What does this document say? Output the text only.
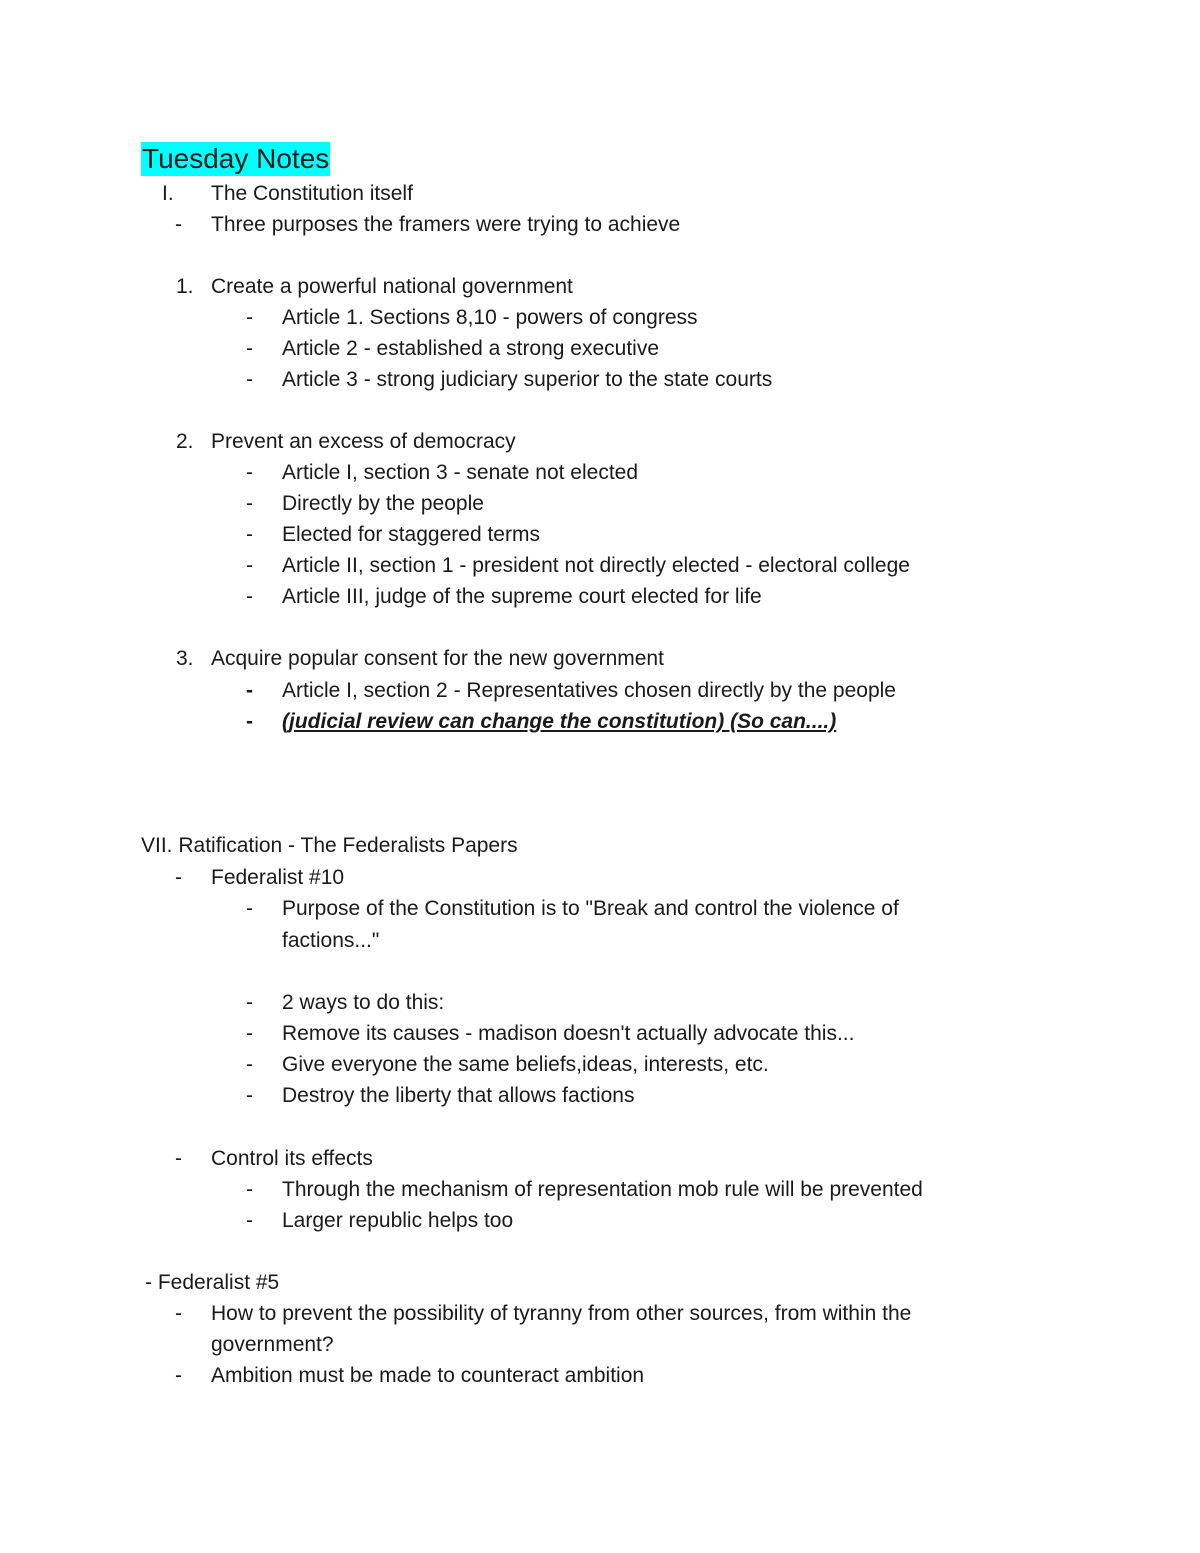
Tuesday Notes
I. The Constitution itself
- Three purposes the framers were trying to achieve
1. Create a powerful national government
- Article 1. Sections 8,10 - powers of congress
- Article 2 - established a strong executive
- Article 3 - strong judiciary superior to the state courts
2. Prevent an excess of democracy
- Article I, section 3 - senate not elected
- Directly by the people
- Elected for staggered terms
- Article II, section 1 - president not directly elected - electoral college
- Article III, judge of the supreme court elected for life
3. Acquire popular consent for the new government
- Article I, section 2 - Representatives chosen directly by the people
- (judicial review can change the constitution) (So can....)
VII. Ratification - The Federalists Papers
- Federalist #10
- Purpose of the Constitution is to "Break and control the violence of
factions..."
- 2 ways to do this:
- Remove its causes - madison doesn't actually advocate this...
- Give everyone the same beliefs,ideas, interests, etc.
- Destroy the liberty that allows factions
- Control its effects
- Through the mechanism of representation mob rule will be prevented
- Larger republic helps too
- Federalist #5
- How to prevent the possibility of tyranny from other sources, from within the
government?
- Ambition must be made to counteract ambition
